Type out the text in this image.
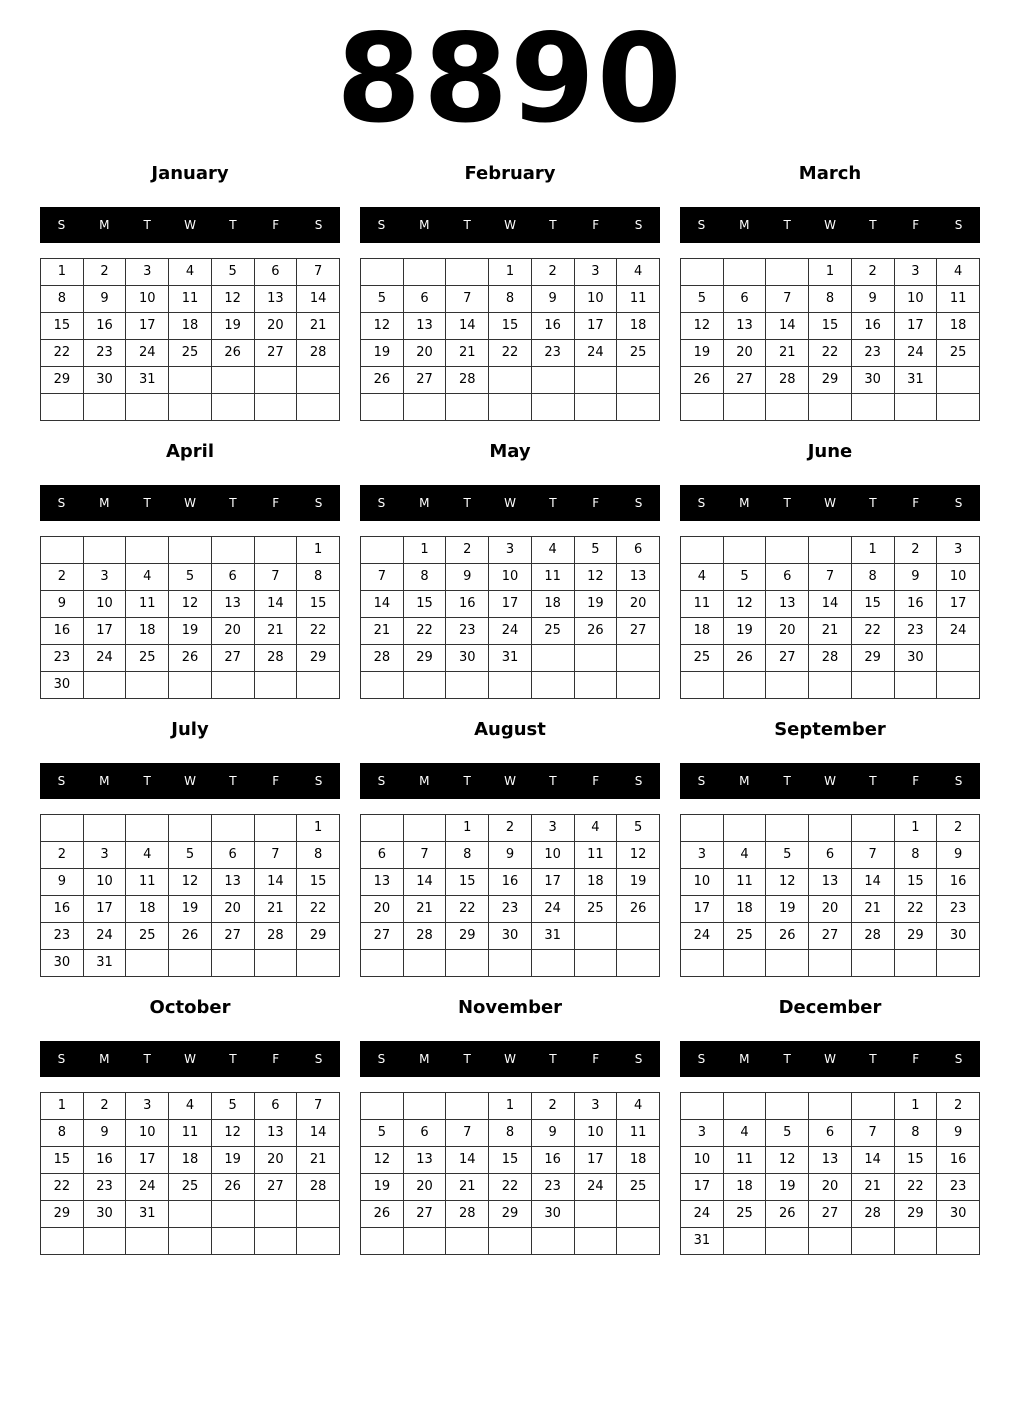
8890
January
S	M	T	W	T	F	S
1	2	3	4	5	6	7
8	9	10	11	12	13	14
15	16	17	18	19	20	21
22	23	24	25	26	27	28
29	30	31				

February
S	M	T	W	T	F	S
			1	2	3	4
5	6	7	8	9	10	11
12	13	14	15	16	17	18
19	20	21	22	23	24	25
26	27	28				

March
S	M	T	W	T	F	S
			1	2	3	4
5	6	7	8	9	10	11
12	13	14	15	16	17	18
19	20	21	22	23	24	25
26	27	28	29	30	31	

April
S	M	T	W	T	F	S
						1
2	3	4	5	6	7	8
9	10	11	12	13	14	15
16	17	18	19	20	21	22
23	24	25	26	27	28	29
30						
May
S	M	T	W	T	F	S
	1	2	3	4	5	6
7	8	9	10	11	12	13
14	15	16	17	18	19	20
21	22	23	24	25	26	27
28	29	30	31			

June
S	M	T	W	T	F	S
				1	2	3
4	5	6	7	8	9	10
11	12	13	14	15	16	17
18	19	20	21	22	23	24
25	26	27	28	29	30	

July
S	M	T	W	T	F	S
						1
2	3	4	5	6	7	8
9	10	11	12	13	14	15
16	17	18	19	20	21	22
23	24	25	26	27	28	29
30	31					
August
S	M	T	W	T	F	S
		1	2	3	4	5
6	7	8	9	10	11	12
13	14	15	16	17	18	19
20	21	22	23	24	25	26
27	28	29	30	31		

September
S	M	T	W	T	F	S
					1	2
3	4	5	6	7	8	9
10	11	12	13	14	15	16
17	18	19	20	21	22	23
24	25	26	27	28	29	30

October
S	M	T	W	T	F	S
1	2	3	4	5	6	7
8	9	10	11	12	13	14
15	16	17	18	19	20	21
22	23	24	25	26	27	28
29	30	31				

November
S	M	T	W	T	F	S
			1	2	3	4
5	6	7	8	9	10	11
12	13	14	15	16	17	18
19	20	21	22	23	24	25
26	27	28	29	30		

December
S	M	T	W	T	F	S
					1	2
3	4	5	6	7	8	9
10	11	12	13	14	15	16
17	18	19	20	21	22	23
24	25	26	27	28	29	30
31						
